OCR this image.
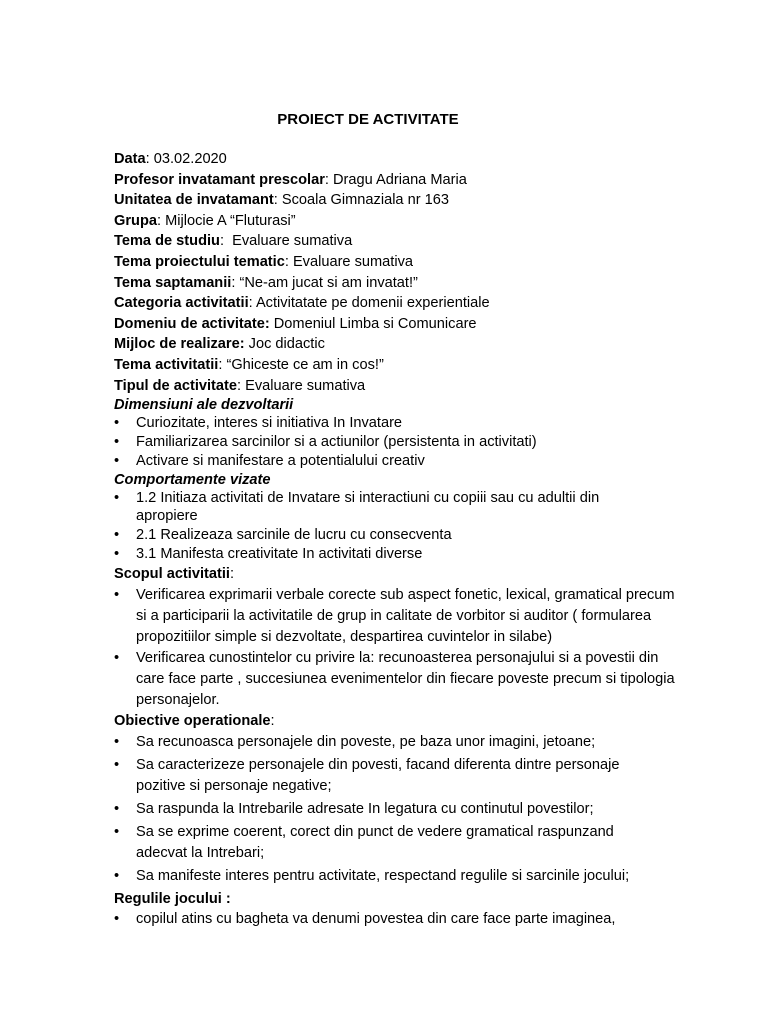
PROIECT DE ACTIVITATE
Data: 03.02.2020
Profesor invatamant prescolar: Dragu Adriana Maria
Unitatea de invatamant: Scoala Gimnaziala nr 163
Grupa: Mijlocie A “Fluturasi”
Tema de studiu:  Evaluare sumativa
Tema proiectului tematic: Evaluare sumativa
Tema saptamanii: “Ne-am jucat si am invatat!”
Categoria activitatii: Activitatate pe domenii experientiale
Domeniu de activitate: Domeniul Limba si Comunicare
Mijloc de realizare: Joc didactic
Tema activitatii: “Ghiceste ce am in cos!”
Tipul de activitate: Evaluare sumativa
Dimensiuni ale dezvoltarii
•	Curiozitate, interes si initiativa In Invatare
•	Familiarizarea sarcinilor si a actiunilor (persistenta in activitati)
•	Activare si manifestare a potentialului creativ
Comportamente vizate
•	1.2 Initiaza activitati de Invatare si interactiuni cu copiii sau cu adultii din
apropiere
•	2.1 Realizeaza sarcinile de lucru cu consecventa
•	3.1 Manifesta creativitate In activitati diverse
Scopul activitatii:
•	Verificarea exprimarii verbale corecte sub aspect fonetic, lexical, gramatical precum
si a participarii la activitatile de grup in calitate de vorbitor si auditor ( formularea
propozitiilor simple si dezvoltate, despartirea cuvintelor in silabe)
•	Verificarea cunostintelor cu privire la: recunoasterea personajului si a povestii din
care face parte , succesiunea evenimentelor din fiecare poveste precum si tipologia
personajelor.
Obiective operationale:
•	Sa recunoasca personajele din poveste, pe baza unor imagini, jetoane;
•	Sa caracterizeze personajele din povesti, facand diferenta dintre personaje
pozitive si personaje negative;
•	Sa raspunda la Intrebarile adresate In legatura cu continutul povestilor;
•	Sa se exprime coerent, corect din punct de vedere gramatical raspunzand
adecvat la Intrebari;
•	Sa manifeste interes pentru activitate, respectand regulile si sarcinile jocului;
Regulile jocului :
•	copilul atins cu bagheta va denumi povestea din care face parte imaginea,
